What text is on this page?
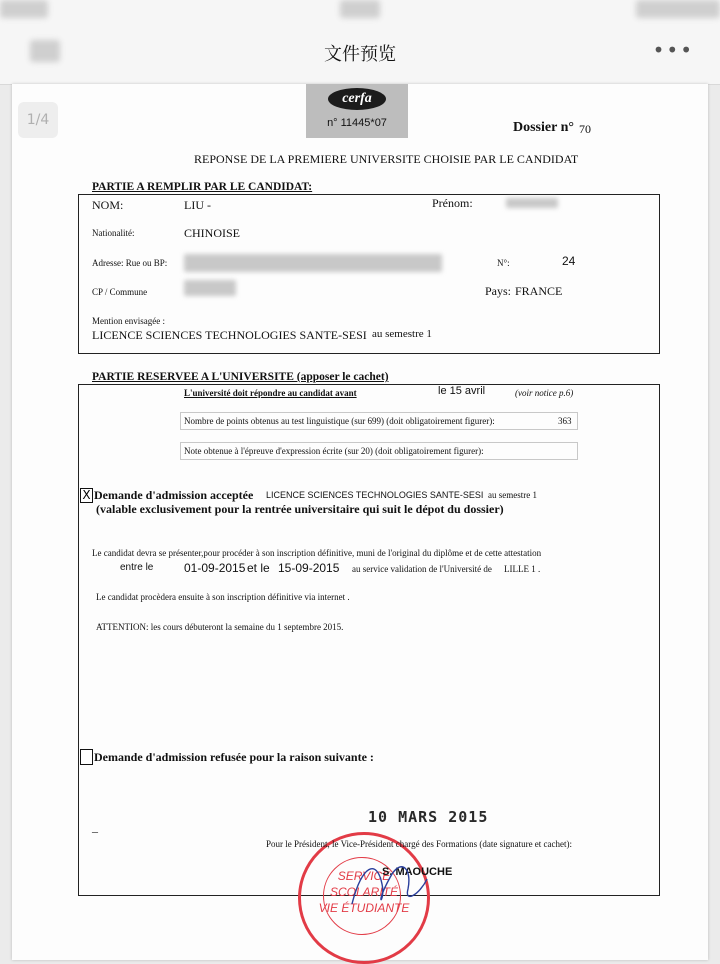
文件预览	•••
1/4
cerfa
n° 11445*07	Dossier n° 70
REPONSE DE LA PREMIERE UNIVERSITE CHOISIE PAR LE CANDIDAT
PARTIE A REMPLIR PAR LE CANDIDAT:
NOM:	LIU -	Prénom:
Nationalité:	CHINOISE
Adresse: Rue ou BP:	N°:	24
CP / Commune	Pays: FRANCE
Mention envisagée :
LICENCE SCIENCES TECHNOLOGIES SANTE-SESI au semestre 1
PARTIE RESERVEE A L'UNIVERSITE (apposer le cachet)
L'université doit répondre au candidat avant	le 15 avril	(voir notice p.6)
Nombre de points obtenus au test linguistique (sur 699) (doit obligatoirement figurer):	363
Note obtenue à l'épreuve d'expression écrite (sur 20) (doit obligatoirement figurer):
X Demande d'admission acceptée LICENCE SCIENCES TECHNOLOGIES SANTE-SESI au semestre 1
(valable exclusivement pour la rentrée universitaire qui suit le dépot du dossier)
Le candidat devra se présenter,pour procéder à son inscription définitive, muni de l'original du diplôme et de cette attestation
entre le	01-09-2015 et le 15-09-2015 au service validation de l'Université de LILLE 1 .
Le candidat procèdera ensuite à son inscription définitive via internet .
ATTENTION: les cours débuteront la semaine du 1 septembre 2015.
Demande d'admission refusée pour la raison suivante :
–
10 MARS 2015
SERVICE
SCOLARITÉ
VIE ÉTUDIANTE
Pour le Président, le Vice-Président chargé des Formations (date signature et cachet):
S. MAOUCHE
